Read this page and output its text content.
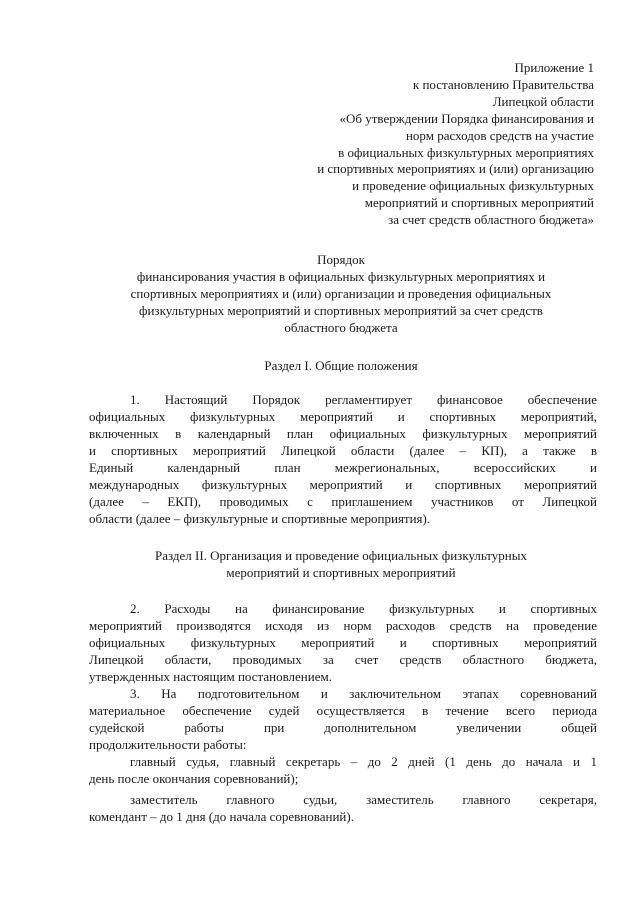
Приложение 1
к постановлению Правительства
Липецкой области
«Об утверждении Порядка финансирования и
норм расходов средств на участие
в официальных физкультурных мероприятиях
и спортивных мероприятиях и (или) организацию
и проведение официальных физкультурных
мероприятий и спортивных мероприятий
за счет средств областного бюджета»
Порядок
финансирования участия в официальных физкультурных мероприятиях и
спортивных мероприятиях и (или) организации и проведения официальных
физкультурных мероприятий и спортивных мероприятий за счет средств
областного бюджета
Раздел I. Общие положения
1. Настоящий Порядок регламентирует финансовое обеспечение
официальных физкультурных мероприятий и спортивных мероприятий,
включенных в календарный план официальных физкультурных мероприятий
и спортивных мероприятий Липецкой области (далее – КП), а также в
Единый календарный план межрегиональных, всероссийских и
международных физкультурных мероприятий и спортивных мероприятий
(далее – ЕКП), проводимых с приглашением участников от Липецкой
области (далее – физкультурные и спортивные мероприятия).
Раздел II. Организация и проведение официальных физкультурных
мероприятий и спортивных мероприятий
2. Расходы на финансирование физкультурных и спортивных
мероприятий производятся исходя из норм расходов средств на проведение
официальных физкультурных мероприятий и спортивных мероприятий
Липецкой области, проводимых за счет средств областного бюджета,
утвержденных настоящим постановлением.
3. На подготовительном и заключительном этапах соревнований
материальное обеспечение судей осуществляется в течение всего периода
судейской работы при дополнительном увеличении общей
продолжительности работы:
главный судья, главный секретарь – до 2 дней (1 день до начала и 1
день после окончания соревнований);
заместитель главного судьи, заместитель главного секретаря,
комендант – до 1 дня (до начала соревнований).
